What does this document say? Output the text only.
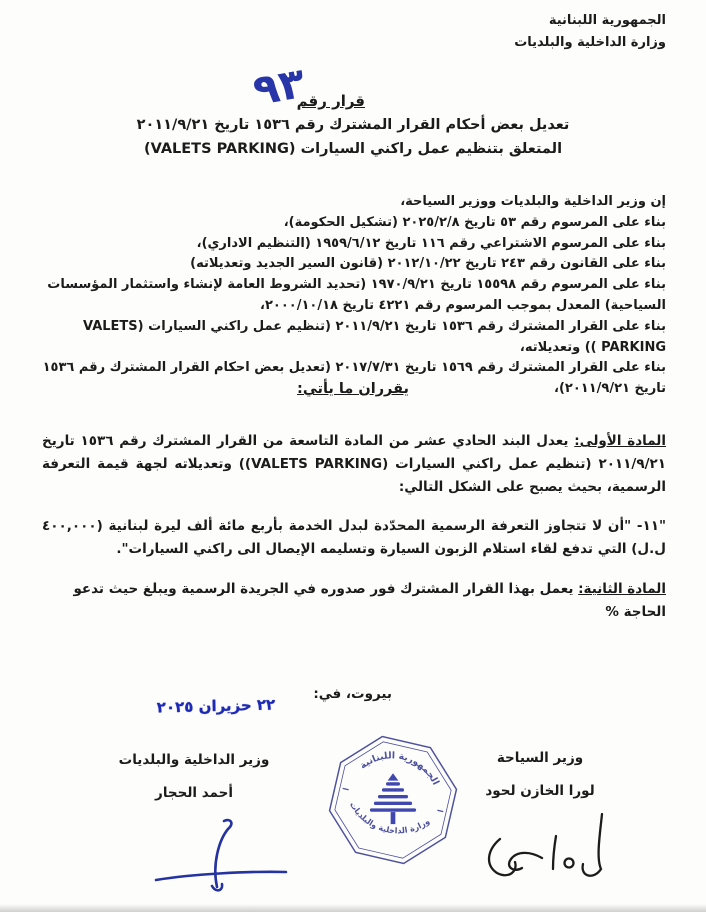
الجمهورية اللبنانية
وزارة الداخلية والبلديات
قرار رقم
٩٣
تعديل بعض أحكام القرار المشترك رقم ١٥٣٦ تاريخ ٢٠١١/٩/٢١
المتعلق بتنظيم عمل راكني السيارات (VALETS PARKING)

إن وزير الداخلية والبلديات ووزير السياحة،

بناء على المرسوم رقم ٥٣ تاريخ ٢٠٢٥/٢/٨ (تشكيل الحكومة)،

بناء على المرسوم الاشتراعي رقم ١١٦ تاريخ ١٩٥٩/٦/١٢ (التنظيم الاداري)،

بناء على القانون رقم ٢٤٣ تاريخ ٢٠١٢/١٠/٢٢ (قانون السير الجديد وتعديلاته)

بناء على المرسوم رقم ١٥٥٩٨ تاريخ ١٩٧٠/٩/٢١ (تحديد الشروط العامة لإنشاء واستثمار المؤسسات السياحية) المعدل بموجب المرسوم رقم ٤٢٢١ تاريخ ٢٠٠٠/١٠/١٨،

بناء على القرار المشترك رقم ١٥٣٦ تاريخ ٢٠١١/٩/٢١ (تنظيم عمل راكني السيارات (VALETS PARKING )) وتعديلاته،

بناء على القرار المشترك رقم ١٥٦٩ تاريخ ٢٠١٧/٧/٣١ (تعديل بعض احكام القرار المشترك رقم ١٥٣٦ تاريخ ٢٠١١/٩/٢١)،

يقرران ما يأتي:

المادة الأولى: يعدل البند الحادي عشر من المادة التاسعة من القرار المشترك رقم ١٥٣٦ تاريخ ٢٠١١/٩/٢١ (تنظيم عمل راكني السيارات (VALETS PARKING)) وتعديلاته لجهة قيمة التعرفة الرسمية، بحيث يصبح على الشكل التالي:

"١١- "أن لا تتجاوز التعرفة الرسمية المحدّدة لبدل الخدمة بأربع مائة ألف ليرة لبنانية (٤٠٠,٠٠٠ ل.ل) التي تدفع لقاء استلام الزبون السيارة وتسليمه الإيصال الى راكني السيارات".

المادة الثانية: يعمل بهذا القرار المشترك فور صدوره في الجريدة الرسمية ويبلغ حيث تدعو الحاجة %

بيروت، في:
٢٢ حزيران ٢٠٢٥

وزير السياحة

لورا الخازن لحود

وزير الداخلية والبلديات

أحمد الحجار

الجمهورية اللبنانية
وزارة الداخلية والبلديات
